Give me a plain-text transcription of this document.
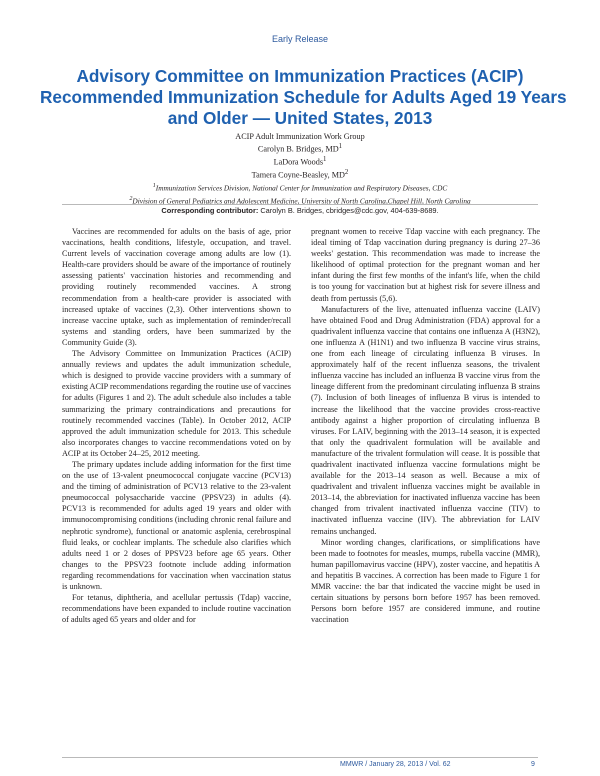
Early Release
Advisory Committee on Immunization Practices (ACIP)
Recommended Immunization Schedule for Adults Aged 19 Years
and Older — United States, 2013
ACIP Adult Immunization Work Group
Carolyn B. Bridges, $MD^1$
LaDora Woods$^1$
Tamera Coyne-Beasley, $MD^2$
$^1$Immunization Services Division, National Center for Immunization and Respiratory Diseases, CDC
$^2$Division of General Pediatrics and Adolescent Medicine, University of North Carolina,Chapel Hill, North Carolina
Corresponding contributor: Carolyn B. Bridges, cbridges@cdc.gov, 404-639-8689.

Vaccines are recommended for adults on the basis of age, prior vaccinations, health conditions, lifestyle, occupation, and travel. Current levels of vaccination coverage among adults are low (1). Health-care providers should be aware of the importance of routinely assessing patients' vaccination histories and recommending and providing routinely recommended vaccines. A strong recommendation from a health-care provider is associated with increased uptake of vaccines (2,3). Other interventions shown to increase vaccine uptake, such as implementation of reminder/recall systems and standing orders, have been summarized by the Community Guide (3).

The Advisory Committee on Immunization Practices (ACIP) annually reviews and updates the adult immunization schedule, which is designed to provide vaccine providers with a summary of existing ACIP recommendations regarding the routine use of vaccines for adults (Figures 1 and 2). The adult schedule also includes a table summarizing the primary contraindications and precautions for routinely recommended vaccines (Table). In October 2012, ACIP approved the adult immunization schedule for 2013. This schedule also incorporates changes to vaccine recommendations voted on by ACIP at its October 24–25, 2012 meeting.

The primary updates include adding information for the first time on the use of 13-valent pneumococcal conjugate vaccine (PCV13) and the timing of administration of PCV13 relative to the 23-valent pneumococcal polysaccharide vaccine (PPSV23) in adults (4). PCV13 is recommended for adults aged 19 years and older with immunocompromising conditions (including chronic renal failure and nephrotic syndrome), functional or anatomic asplenia, cerebrospinal fluid leaks, or cochlear implants. The schedule also clarifies which adults need 1 or 2 doses of PPSV23 before age 65 years. Other changes to the PPSV23 footnote include adding information regarding recommendations for vaccination when vaccination status is unknown.

For tetanus, diphtheria, and acellular pertussis (Tdap) vaccine, recommendations have been expanded to include routine vaccination of adults aged 65 years and older and for

pregnant women to receive Tdap vaccine with each pregnancy. The ideal timing of Tdap vaccination during pregnancy is during 27–36 weeks' gestation. This recommendation was made to increase the likelihood of optimal protection for the pregnant woman and her infant during the first few months of the infant's life, when the child is too young for vaccination but at highest risk for severe illness and death from pertussis (5,6).

Manufacturers of the live, attenuated influenza vaccine (LAIV) have obtained Food and Drug Administration (FDA) approval for a quadrivalent influenza vaccine that contains one influenza A (H3N2), one influenza A (H1N1) and two influenza B vaccine virus strains, one from each lineage of circulating influenza B viruses. In approximately half of the recent influenza seasons, the trivalent influenza vaccine has included an influenza B vaccine virus from the lineage different from the predominant circulating influenza B strains (7). Inclusion of both lineages of influenza B virus is intended to increase the likelihood that the vaccine provides cross-reactive antibody against a higher proportion of circulating influenza B viruses. For LAIV, beginning with the 2013–14 season, it is expected that only the quadrivalent formulation will be available and manufacture of the trivalent formulation will cease. It is possible that quadrivalent inactivated influenza vaccine formulations might be available for the 2013–14 season as well. Because a mix of quadrivalent and trivalent influenza vaccines might be available in 2013–14, the abbreviation for inactivated influenza vaccine has been changed from trivalent inactivated influenza vaccine (TIV) to inactivated influenza vaccine (IIV). The abbreviation for LAIV remains unchanged.

Minor wording changes, clarifications, or simplifications have been made to footnotes for measles, mumps, rubella vaccine (MMR), human papillomavirus vaccine (HPV), zoster vaccine, and hepatitis A and hepatitis B vaccines. A correction has been made to Figure 1 for MMR vaccine: the bar that indicated the vaccine might be used in certain situations by persons born before 1957 has been removed. Persons born before 1957 are considered immune, and routine vaccination

MMWR / January 28, 2013 / Vol. 62	9
